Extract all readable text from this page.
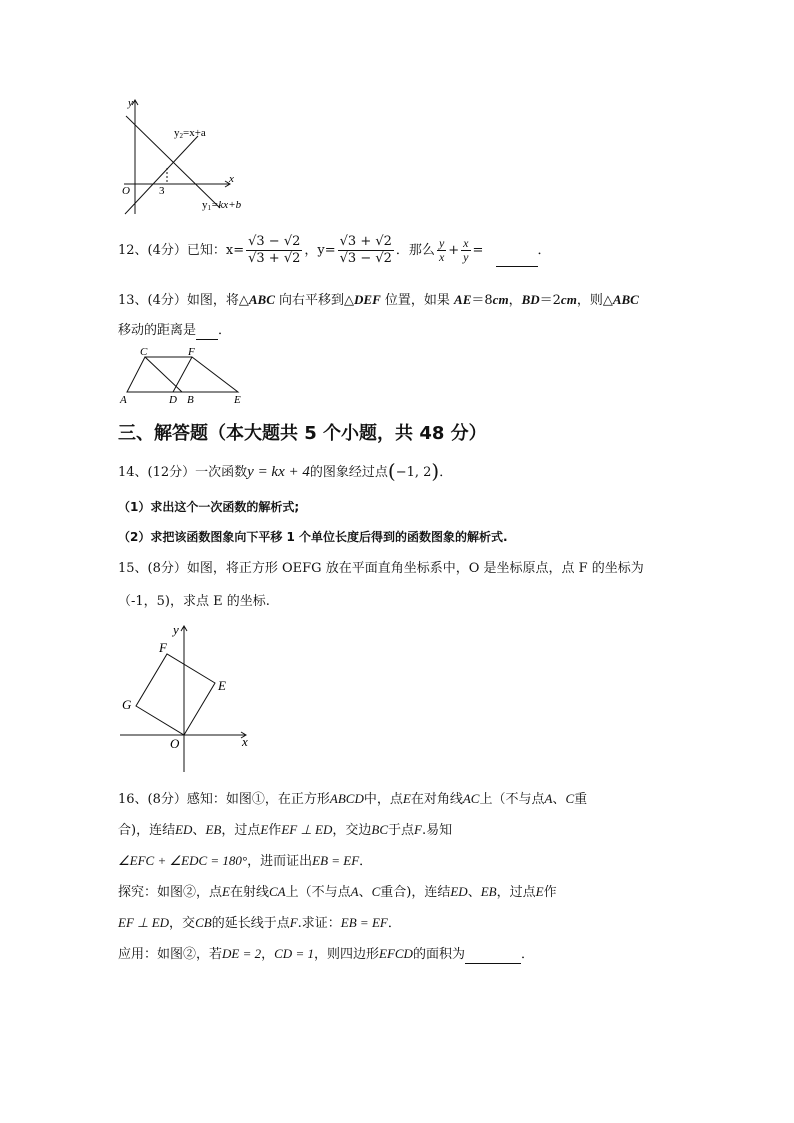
y
x
O	3
y2=x+a
y1=kx+b
12、(4分）已知：$x= \frac{√3 - √2}{√3 + √2}$ ，$y= \frac{√3 + √2}{√3 - √2}$ ．那么 $\frac{y}{x} + \frac{x}{y}$ =	．
13、(4分）如图，将△ABC 向右平移到△DEF 位置，如果 AE＝8cm，BD＝2cm，则△ABC
移动的距离是 ．
C	F
A	D B	E
三、解答题（本大题共 5 个小题，共 48 分）
14、(12分）一次函数y = kx + 4的图象经过点(−1, 2)．
（1）求出这个一次函数的解析式;
（2）求把该函数图象向下平移 1 个单位长度后得到的函数图象的解析式.
15、(8分）如图，将正方形 OEFG 放在平面直角坐标系中，O 是坐标原点，点 F 的坐标为
（-1，5)，求点 E 的坐标.
y
x
O
E
F
G
16、(8分）感知：如图①，在正方形ABCD中，点E在对角线AC上（不与点A、C重
合)，连结ED、EB，过点E作EF ⊥ ED，交边BC于点F.易知
∠EFC + ∠EDC = 180°，进而证出EB = EF．
探究：如图②，点E在射线CA上（不与点A、C重合)，连结ED、EB，过点E作
EF ⊥ ED，交CB的延长线于点F.求证：EB = EF．
应用：如图②，若DE = 2，CD = 1，则四边形EFCD的面积为	．
